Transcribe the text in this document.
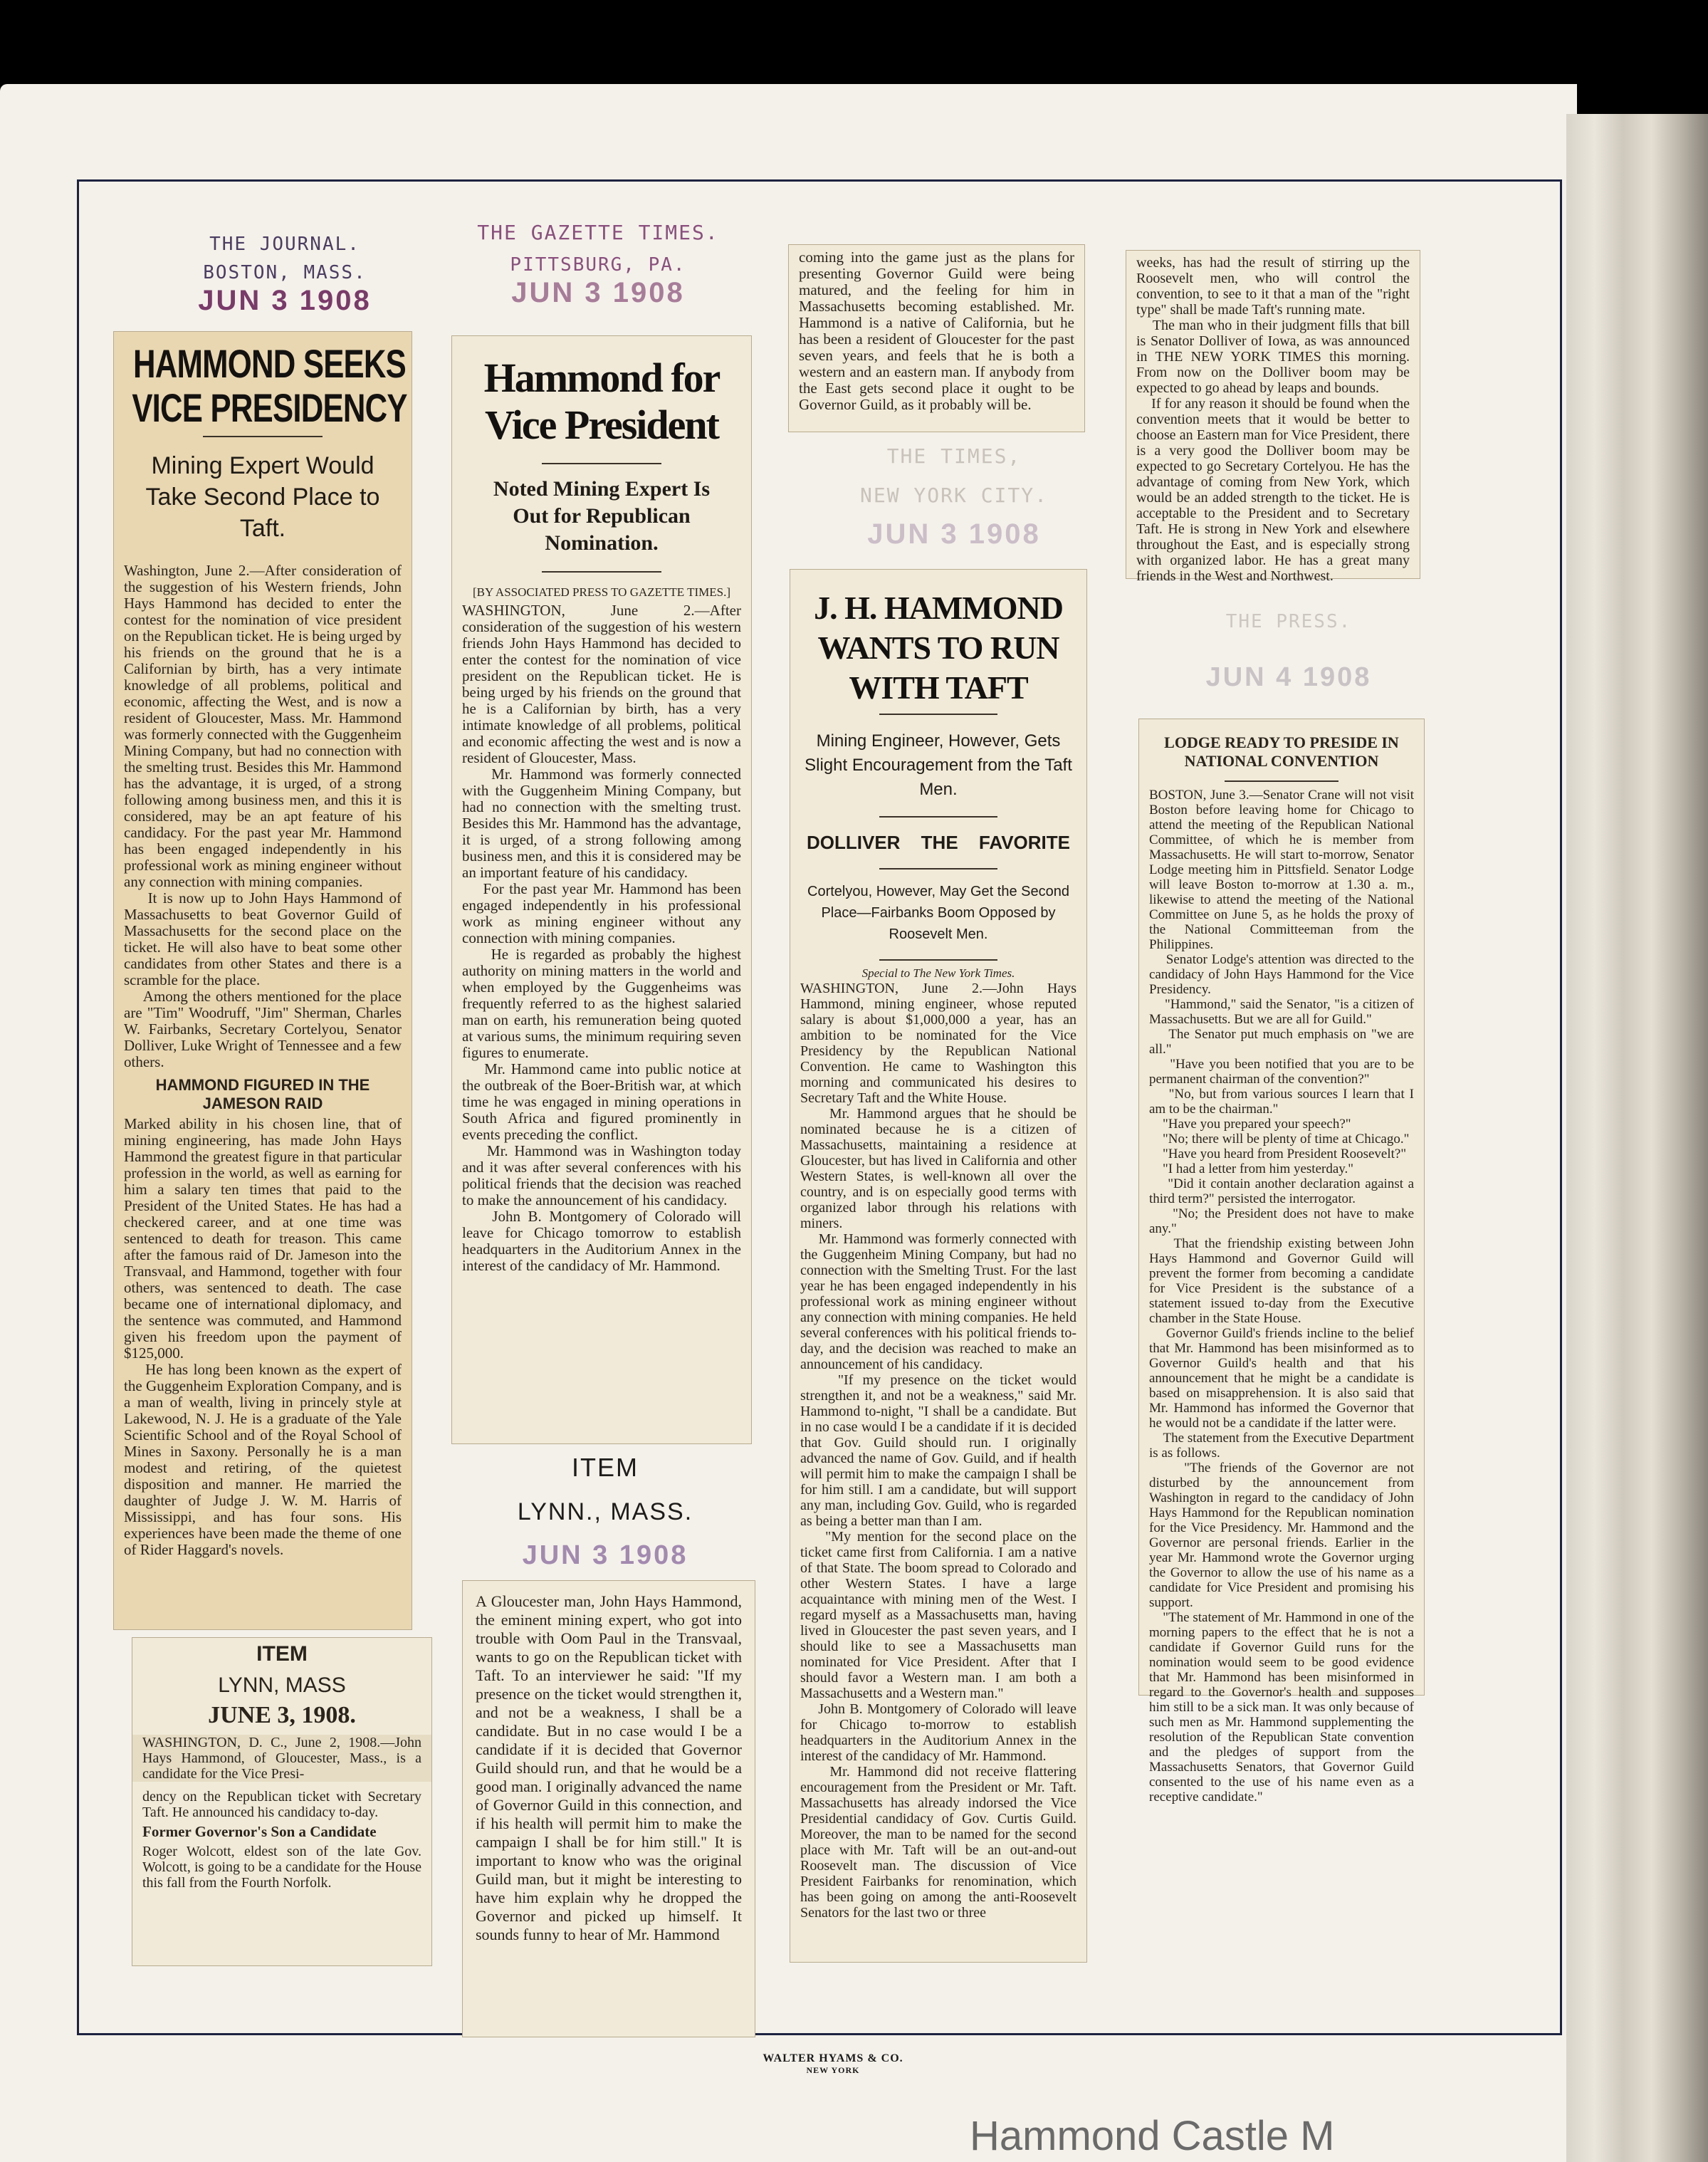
THE JOURNAL.
BOSTON, MASS.
JUN 3 1908
THE GAZETTE TIMES.
PITTSBURG, PA.
JUN 3 1908
HAMMOND SEEKS VICE PRESIDENCY
Mining Expert Would Take Second Place to Taft.
Washington, June 2.—After consideration of the suggestion of his Western friends, John Hays Hammond has decided to enter the contest for the nomination of vice president on the Republican ticket. He is being urged by his friends on the ground that he is a Californian by birth, has a very intimate knowledge of all problems, political and economic, affecting the West, and is now a resident of Gloucester, Mass. Mr. Hammond was formerly connected with the Guggenheim Mining Company, but had no connection with the smelting trust. Besides this Mr. Hammond has the advantage, it is urged, of a strong following among business men, and this it is considered, may be an apt feature of his candidacy. For the past year Mr. Hammond has been engaged independently in his professional work as mining engineer without any connection with mining companies.
It is now up to John Hays Hammond of Massachusetts to beat Governor Guild of Massachusetts for the second place on the ticket. He will also have to beat some other candidates from other States and there is a scramble for the place.
Among the others mentioned for the place are "Tim" Woodruff, "Jim" Sherman, Charles W. Fairbanks, Secretary Cortelyou, Senator Dolliver, Luke Wright of Tennessee and a few others.
HAMMOND FIGURED IN THE JAMESON RAID
Marked ability in his chosen line, that of mining engineering, has made John Hays Hammond the greatest figure in that particular profession in the world, as well as earning for him a salary ten times that paid to the President of the United States. He has had a checkered career, and at one time was sentenced to death for treason. This came after the famous raid of Dr. Jameson into the Transvaal, and Hammond, together with four others, was sentenced to death. The case became one of international diplomacy, and the sentence was commuted, and Hammond given his freedom upon the payment of $125,000.
He has long been known as the expert of the Guggenheim Exploration Company, and is a man of wealth, living in princely style at Lakewood, N. J. He is a graduate of the Yale Scientific School and of the Royal School of Mines in Saxony. Personally he is a man modest and retiring, of the quietest disposition and manner. He married the daughter of Judge J. W. M. Harris of Mississippi, and has four sons. His experiences have been made the theme of one of Rider Haggard's novels.
Hammond for Vice President
Noted Mining Expert Is Out for Republican Nomination.
[BY ASSOCIATED PRESS TO GAZETTE TIMES.]
WASHINGTON, June 2.—After consideration of the suggestion of his western friends John Hays Hammond has decided to enter the contest for the nomination of vice president on the Republican ticket. He is being urged by his friends on the ground that he is a Californian by birth, has a very intimate knowledge of all problems, political and economic affecting the west and is now a resident of Gloucester, Mass.
Mr. Hammond was formerly connected with the Guggenheim Mining Company, but had no connection with the smelting trust. Besides this Mr. Hammond has the advantage, it is urged, of a strong following among business men, and this it is considered may be an important feature of his candidacy.
For the past year Mr. Hammond has been engaged independently in his professional work as mining engineer without any connection with mining companies.
He is regarded as probably the highest authority on mining matters in the world and when employed by the Guggenheims was frequently referred to as the highest salaried man on earth, his remuneration being quoted at various sums, the minimum requiring seven figures to enumerate.
Mr. Hammond came into public notice at the outbreak of the Boer-British war, at which time he was engaged in mining operations in South Africa and figured prominently in events preceding the conflict.
Mr. Hammond was in Washington today and it was after several conferences with his political friends that the decision was reached to make the announcement of his candidacy.
John B. Montgomery of Colorado will leave for Chicago tomorrow to establish headquarters in the Auditorium Annex in the interest of the candidacy of Mr. Hammond.
ITEM
LYNN., MASS.
JUN 3 1908
A Gloucester man, John Hays Hammond, the eminent mining expert, who got into trouble with Oom Paul in the Transvaal, wants to go on the Republican ticket with Taft. To an interviewer he said: "If my presence on the ticket would strengthen it, and not be a weakness, I shall be a candidate. But in no case would I be a candidate if it is decided that Governor Guild should run, and that he would be a good man. I originally advanced the name of Governor Guild in this connection, and if his health will permit him to make the campaign I shall be for him still." It is important to know who was the original Guild man, but it might be interesting to have him explain why he dropped the Governor and picked up himself. It sounds funny to hear of Mr. Hammond
ITEM
LYNN, MASS
JUNE 3, 1908.
WASHINGTON, D. C., June 2, 1908.—John Hays Hammond, of Gloucester, Mass., is a candidate for the Vice Presi-
dency on the Republican ticket with Secretary Taft. He announced his candidacy to-day.
Former Governor's Son a Candidate
Roger Wolcott, eldest son of the late Gov. Wolcott, is going to be a candidate for the House this fall from the Fourth Norfolk.
coming into the game just as the plans for presenting Governor Guild were being matured, and the feeling for him in Massachusetts becoming established. Mr. Hammond is a native of California, but he has been a resident of Gloucester for the past seven years, and feels that he is both a western and an eastern man. If anybody from the East gets second place it ought to be Governor Guild, as it probably will be.
THE TIMES,
NEW YORK CITY.
JUN 3 1908
J. H. HAMMOND WANTS TO RUN WITH TAFT
Mining Engineer, However, Gets Slight Encouragement from the Taft Men.
DOLLIVER THE FAVORITE
Cortelyou, However, May Get the Second Place—Fairbanks Boom Opposed by Roosevelt Men.
Special to The New York Times.
WASHINGTON, June 2.—John Hays Hammond, mining engineer, whose reputed salary is about $1,000,000 a year, has an ambition to be nominated for the Vice Presidency by the Republican National Convention. He came to Washington this morning and communicated his desires to Secretary Taft and the White House.
Mr. Hammond argues that he should be nominated because he is a citizen of Massachusetts, maintaining a residence at Gloucester, but has lived in California and other Western States, is well-known all over the country, and is on especially good terms with organized labor through his relations with miners.
Mr. Hammond was formerly connected with the Guggenheim Mining Company, but had no connection with the Smelting Trust. For the last year he has been engaged independently in his professional work as mining engineer without any connection with mining companies. He held several conferences with his political friends to-day, and the decision was reached to make an announcement of his candidacy.
"If my presence on the ticket would strengthen it, and not be a weakness," said Mr. Hammond to-night, "I shall be a candidate. But in no case would I be a candidate if it is decided that Gov. Guild should run. I originally advanced the name of Gov. Guild, and if health will permit him to make the campaign I shall be for him still. I am a candidate, but will support any man, including Gov. Guild, who is regarded as being a better man than I am.
"My mention for the second place on the ticket came first from California. I am a native of that State. The boom spread to Colorado and other Western States. I have a large acquaintance with mining men of the West. I regard myself as a Massachusetts man, having lived in Gloucester the past seven years, and I should like to see a Massachusetts man nominated for Vice President. After that I should favor a Western man. I am both a Massachusetts and a Western man."
John B. Montgomery of Colorado will leave for Chicago to-morrow to establish headquarters in the Auditorium Annex in the interest of the candidacy of Mr. Hammond.
Mr. Hammond did not receive flattering encouragement from the President or Mr. Taft. Massachusetts has already indorsed the Vice Presidential candidacy of Gov. Curtis Guild. Moreover, the man to be named for the second place with Mr. Taft will be an out-and-out Roosevelt man. The discussion of Vice President Fairbanks for renomination, which has been going on among the anti-Roosevelt Senators for the last two or three
weeks, has had the result of stirring up the Roosevelt men, who will control the convention, to see to it that a man of the "right type" shall be made Taft's running mate.
The man who in their judgment fills that bill is Senator Dolliver of Iowa, as was announced in THE NEW YORK TIMES this morning. From now on the Dolliver boom may be expected to go ahead by leaps and bounds.
If for any reason it should be found when the convention meets that it would be better to choose an Eastern man for Vice President, there is a very good the Dolliver boom may be expected to go Secretary Cortelyou. He has the advantage of coming from New York, which would be an added strength to the ticket. He is acceptable to the President and to Secretary Taft. He is strong in New York and elsewhere throughout the East, and is especially strong with organized labor. He has a great many friends in the West and Northwest.
THE PRESS.
JUN 4 1908
LODGE READY TO PRESIDE IN NATIONAL CONVENTION
BOSTON, June 3.—Senator Crane will not visit Boston before leaving home for Chicago to attend the meeting of the Republican National Committee, of which he is member from Massachusetts. He will start to-morrow, Senator Lodge meeting him in Pittsfield. Senator Lodge will leave Boston to-morrow at 1.30 a. m., likewise to attend the meeting of the National Committee on June 5, as he holds the proxy of the National Committeeman from the Philippines.
Senator Lodge's attention was directed to the candidacy of John Hays Hammond for the Vice Presidency.
"Hammond," said the Senator, "is a citizen of Massachusetts. But we are all for Guild."
The Senator put much emphasis on "we are all."
"Have you been notified that you are to be permanent chairman of the convention?"
"No, but from various sources I learn that I am to be the chairman."
"Have you prepared your speech?"
"No; there will be plenty of time at Chicago."
"Have you heard from President Roosevelt?"
"I had a letter from him yesterday."
"Did it contain another declaration against a third term?" persisted the interrogator.
"No; the President does not have to make any."
That the friendship existing between John Hays Hammond and Governor Guild will prevent the former from becoming a candidate for Vice President is the substance of a statement issued to-day from the Executive chamber in the State House.
Governor Guild's friends incline to the belief that Mr. Hammond has been misinformed as to Governor Guild's health and that his announcement that he might be a candidate is based on misapprehension. It is also said that Mr. Hammond has informed the Governor that he would not be a candidate if the latter were.
The statement from the Executive Department is as follows.
"The friends of the Governor are not disturbed by the announcement from Washington in regard to the candidacy of John Hays Hammond for the Republican nomination for the Vice Presidency. Mr. Hammond and the Governor are personal friends. Earlier in the year Mr. Hammond wrote the Governor urging the Governor to allow the use of his name as a candidate for Vice President and promising his support.
"The statement of Mr. Hammond in one of the morning papers to the effect that he is not a candidate if Governor Guild runs for the nomination would seem to be good evidence that Mr. Hammond has been misinformed in regard to the Governor's health and supposes him still to be a sick man. It was only because of such men as Mr. Hammond supplementing the resolution of the Republican State convention and the pledges of support from the Massachusetts Senators, that Governor Guild consented to the use of his name even as a receptive candidate."
WALTER HYAMS & CO.
NEW YORK
Hammond Castle M
